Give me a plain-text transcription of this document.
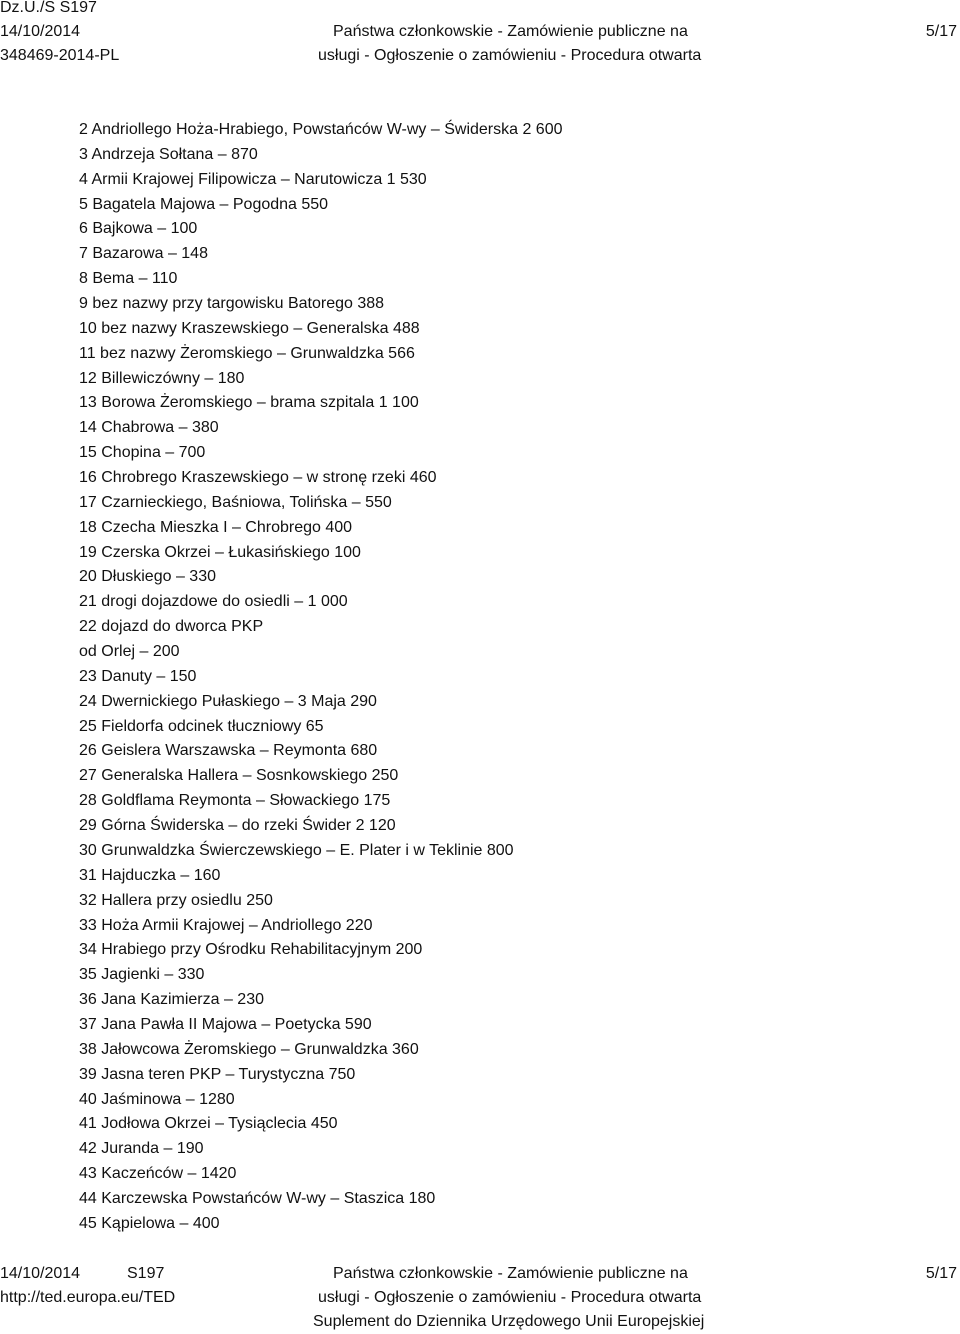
Dz.U./S S197
14/10/2014
348469-2014-PL
Państwa członkowskie - Zamówienie publiczne na
usługi - Ogłoszenie o zamówieniu - Procedura otwarta
5/17
2 Andriollego Hoża-Hrabiego, Powstańców W-wy – Świderska 2 600
3 Andrzeja Sołtana – 870
4 Armii Krajowej Filipowicza – Narutowicza 1 530
5 Bagatela Majowa – Pogodna 550
6 Bajkowa – 100
7 Bazarowa – 148
8 Bema – 110
9 bez nazwy przy targowisku Batorego 388
10 bez nazwy Kraszewskiego – Generalska 488
11 bez nazwy Żeromskiego – Grunwaldzka 566
12 Billewiczówny – 180
13 Borowa Żeromskiego – brama szpitala 1 100
14 Chabrowa – 380
15 Chopina – 700
16 Chrobrego Kraszewskiego – w stronę rzeki 460
17 Czarnieckiego, Baśniowa, Tolińska – 550
18 Czecha Mieszka I – Chrobrego 400
19 Czerska Okrzei – Łukasińskiego 100
20 Dłuskiego – 330
21 drogi dojazdowe do osiedli – 1 000
22 dojazd do dworca PKP
od Orlej – 200
23 Danuty – 150
24 Dwernickiego Pułaskiego – 3 Maja 290
25 Fieldorfa odcinek tłuczniowy 65
26 Geislera Warszawska – Reymonta 680
27 Generalska Hallera – Sosnkowskiego 250
28 Goldflama Reymonta – Słowackiego 175
29 Górna Świderska – do rzeki Świder 2 120
30 Grunwaldzka Świerczewskiego – E. Plater i w Teklinie 800
31 Hajduczka – 160
32 Hallera przy osiedlu 250
33 Hoża Armii Krajowej – Andriollego 220
34 Hrabiego przy Ośrodku Rehabilitacyjnym 200
35 Jagienki – 330
36 Jana Kazimierza – 230
37 Jana Pawła II Majowa – Poetycka 590
38 Jałowcowa Żeromskiego – Grunwaldzka 360
39 Jasna teren PKP – Turystyczna 750
40 Jaśminowa – 1280
41 Jodłowa Okrzei – Tysiąclecia 450
42 Juranda – 190
43 Kaczeńców – 1420
44 Karczewska Powstańców W-wy – Staszica 180
45 Kąpielowa – 400
14/10/2014	S197
http://ted.europa.eu/TED
Państwa członkowskie - Zamówienie publiczne na
usługi - Ogłoszenie o zamówieniu - Procedura otwarta
Suplement do Dziennika Urzędowego Unii Europejskiej
5/17
